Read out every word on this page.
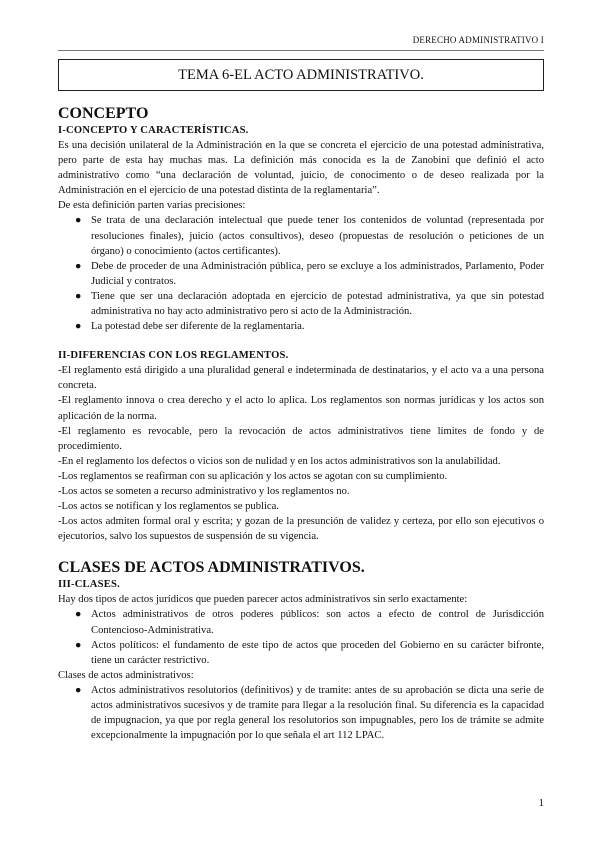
DERECHO ADMINISTRATIVO I
TEMA 6-EL ACTO ADMINISTRATIVO.
CONCEPTO
I-CONCEPTO Y CARACTERÍSTICAS.

Es una decisión unilateral de la Administración en la que se concreta el ejercicio de una potestad administrativa, pero parte de esta hay muchas mas. La definición más conocida es la de Zanobini que definió el acto administrativo como “una declaración de voluntad, juicio, de conocimento o de deseo realizada por la Administración en el ejercicio de una potestad distinta de la reglamentaria”.

De esta definición parten varias precisiones:

● Se trata de una declaración intelectual que puede tener los contenidos de voluntad (representada por resoluciones finales), juicio (actos consultivos), deseo (propuestas de resolución o peticiones de un órgano) o conocimiento (actos certificantes).
● Debe de proceder de una Administración pública, pero se excluye a los administrados, Parlamento, Poder Judicial y contratos.
● Tiene que ser una declaración adoptada en ejercicio de potestad administrativa, ya que sin potestad administrativa no hay acto administrativo pero si acto de la Administración.
● La potestad debe ser diferente de la reglamentaria.
II-DIFERENCIAS CON LOS REGLAMENTOS.

-El reglamento está dirigido a una pluralidad general e indeterminada de destinatarios, y el acto va a una persona concreta.

-El reglamento innova o crea derecho y el acto lo aplica. Los reglamentos son normas jurídicas y los actos son aplicación de la norma.

-El reglamento es revocable, pero la revocación de actos administrativos tiene límites de fondo y de procedimiento.

-En el reglamento los defectos o vicios son de nulidad y en los actos administrativos son la anulabilidad.

-Los reglamentos se reafirman con su aplicación y los actos se agotan con su cumplimiento.

-Los actos se someten a recurso administrativo y los reglamentos no.

-Los actos se notifican y los reglamentos se publica.

-Los actos admiten formal oral y escrita; y gozan de la presunción de validez y certeza, por ello son ejecutivos o ejecutorios, salvo los supuestos de suspensión de su vigencia.

CLASES DE ACTOS ADMINISTRATIVOS.
III-CLASES.

Hay dos tipos de actos jurídicos que pueden parecer actos administrativos sin serlo exactamente:

● Actos administrativos de otros poderes públicos: son actos a efecto de control de Jurisdicción Contencioso-Administrativa.
● Actos políticos: el fundamento de este tipo de actos que proceden del Gobierno en su carácter bifronte, tiene un carácter restrictivo.

Clases de actos administrativos:

● Actos administrativos resolutorios (definitivos) y de tramite: antes de su aprobación se dicta una serie de actos administrativos sucesivos y de tramite para llegar a la resolución final. Su diferencia es la capacidad de impugnacion, ya que por regla general los resolutorios son impugnables, pero los de trámite se admite excepcionalmente la impugnación por lo que señala el art 112 LPAC.
1
